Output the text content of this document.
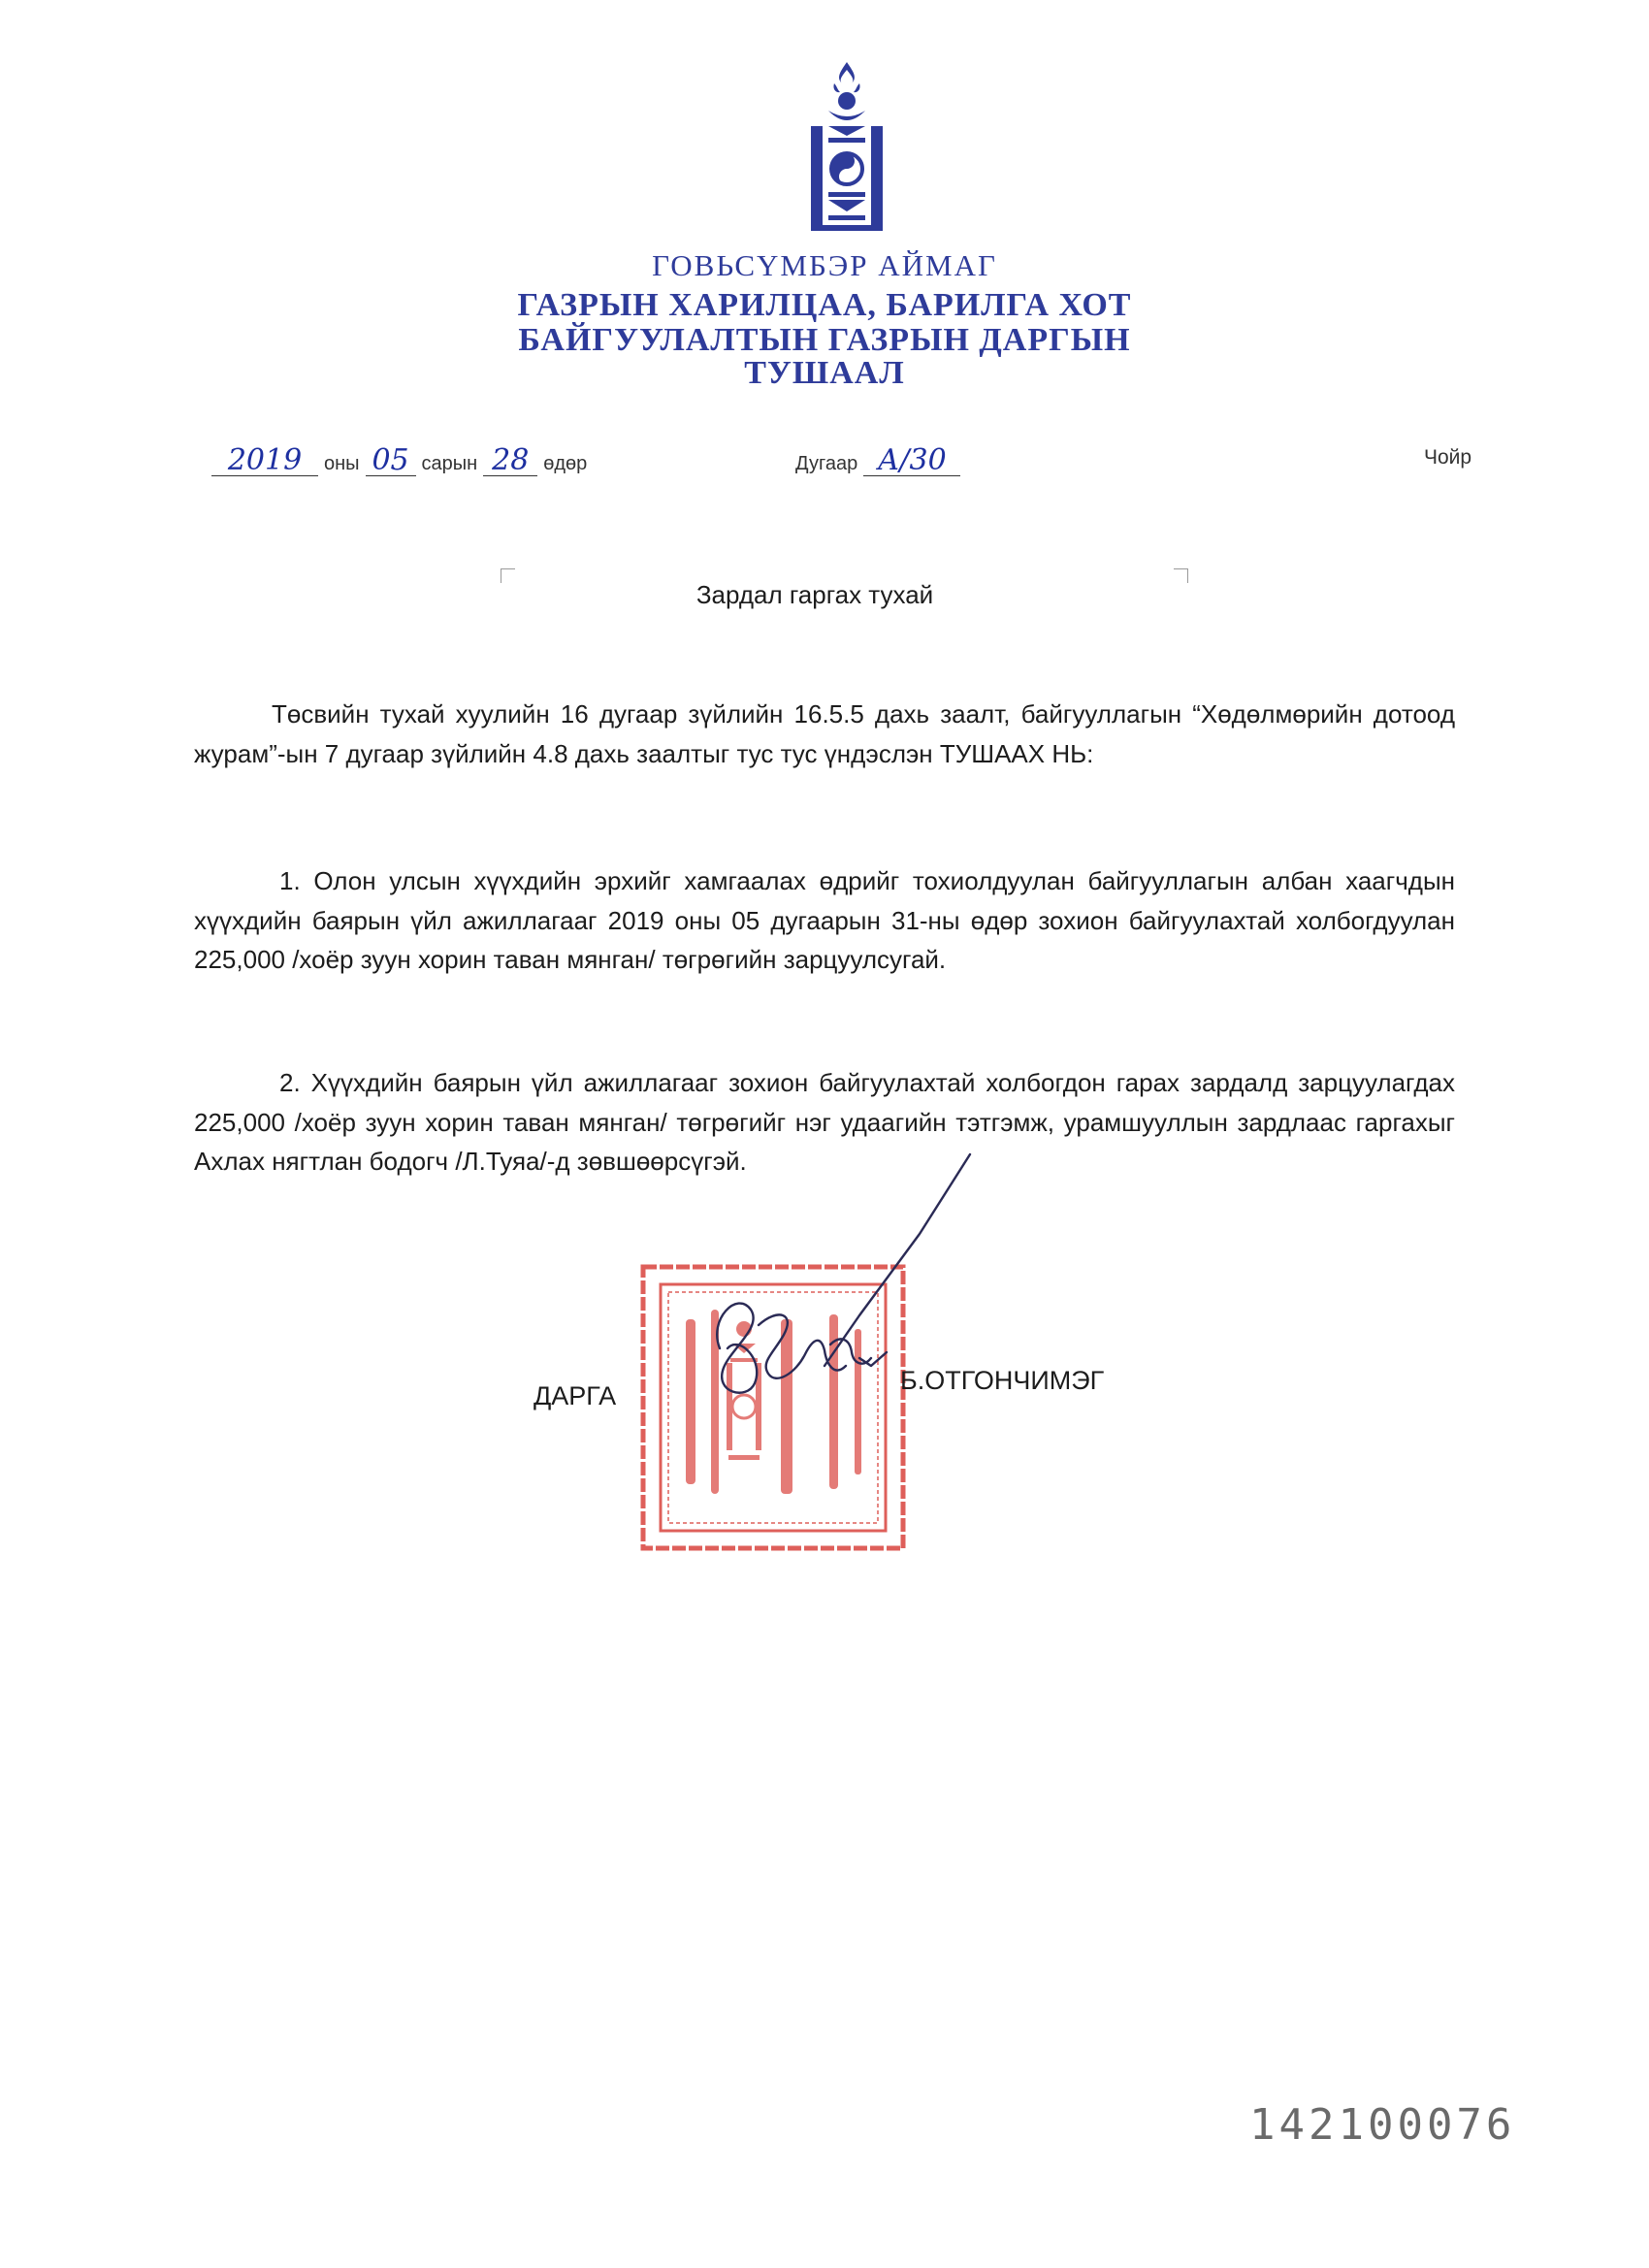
ГОВЬСҮМБЭР АЙМАГ
ГАЗРЫН ХАРИЛЦАА, БАРИЛГА ХОТ
БАЙГУУЛАЛТЫН ГАЗРЫН ДАРГЫН
ТУШААЛ
2019 оны 05 сарын 28 өдөр	Дугаар А/30	Чойр
Зардал гаргах тухай
Төсвийн тухай хуулийн 16 дугаар зүйлийн 16.5.5 дахь заалт, байгууллагын “Хөдөлмөрийн дотоод журам”-ын 7 дугаар зүйлийн 4.8 дахь заалтыг тус тус үндэслэн ТУШААХ НЬ:
1. Олон улсын хүүхдийн эрхийг хамгаалах өдрийг тохиолдуулан байгууллагын албан хаагчдын хүүхдийн баярын үйл ажиллагааг 2019 оны 05 дугаарын 31-ны өдөр зохион байгуулахтай холбогдуулан 225,000 /хоёр зуун хорин таван мянган/ төгрөгийн зарцуулсугай.
2. Хүүхдийн баярын үйл ажиллагааг зохион байгуулахтай холбогдон гарах зардалд зарцуулагдах 225,000 /хоёр зуун хорин таван мянган/ төгрөгийг нэг удаагийн тэтгэмж, урамшууллын зардлаас гаргахыг Ахлах нягтлан бодогч /Л.Туяа/-д зөвшөөрсүгэй.
ДАРГА
Б.ОТГОНЧИМЭГ
142100076
